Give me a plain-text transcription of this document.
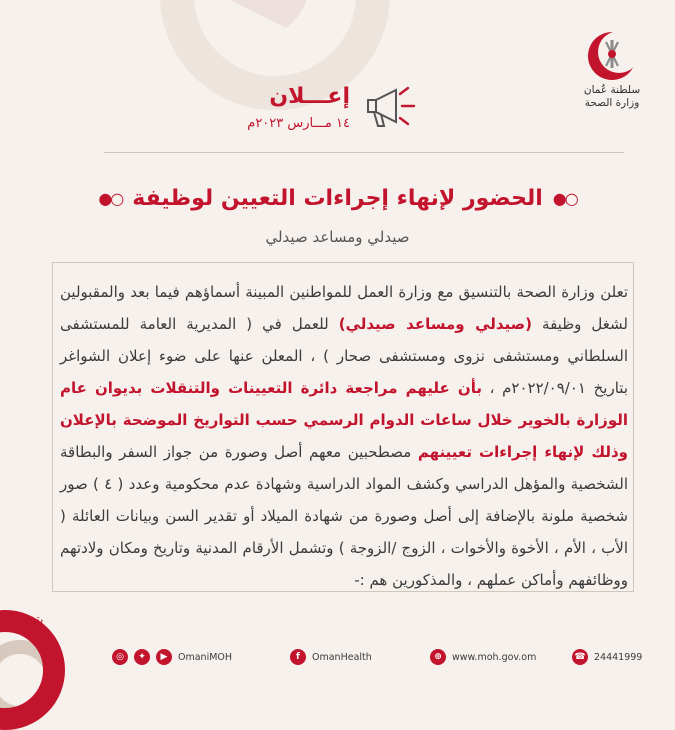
سلطنة عُمان
وزارة الصحة
إعـــلان
١٤ مـــارس ٢٠٢٣م
○●
الحضور لإنهاء إجراءات التعيين لوظيفة
○●
صيدلي ومساعد صيدلي
تعلن وزارة الصحة بالتنسيق مع وزارة العمل للمواطنين المبينة أسماؤهم فيما بعد والمقبولين لشغل وظيفة (صيدلي ومساعد صيدلي) للعمل في ( المديرية العامة للمستشفى السلطاني ومستشفى نزوى ومستشفى صحار ) ، المعلن عنها على ضوء إعلان الشواغر بتاريخ ٢٠٢٢/٠٩/٠١م ، بأن عليهم مراجعة دائرة التعيينات والتنقلات بديوان عام الوزارة بالخوير خلال ساعات الدوام الرسمي حسب التواريخ الموضحة بالإعلان وذلك لإنهاء إجراءات تعيينهم مصطحبين معهم أصل وصورة من جواز السفر والبطاقة الشخصية والمؤهل الدراسي وكشف المواد الدراسية وشهادة عدم محكومية وعدد ( ٤ ) صور شخصية ملونة بالإضافة إلى أصل وصورة من شهادة الميلاد أو تقدير السن وبيانات العائلة ( الأب ، الأم ، الأخوة والأخوات ، الزوج /الزوجة ) وتشمل الأرقام المدنية وتاريخ ومكان ولادتهم ووظائفهم وأماكن عملهم ، والمذكورين هم :-
يتـبـع...
◎	✦	▶	OmaniMOH	f	OmanHealth	⊕	www.moh.gov.om	☎ 24441999
